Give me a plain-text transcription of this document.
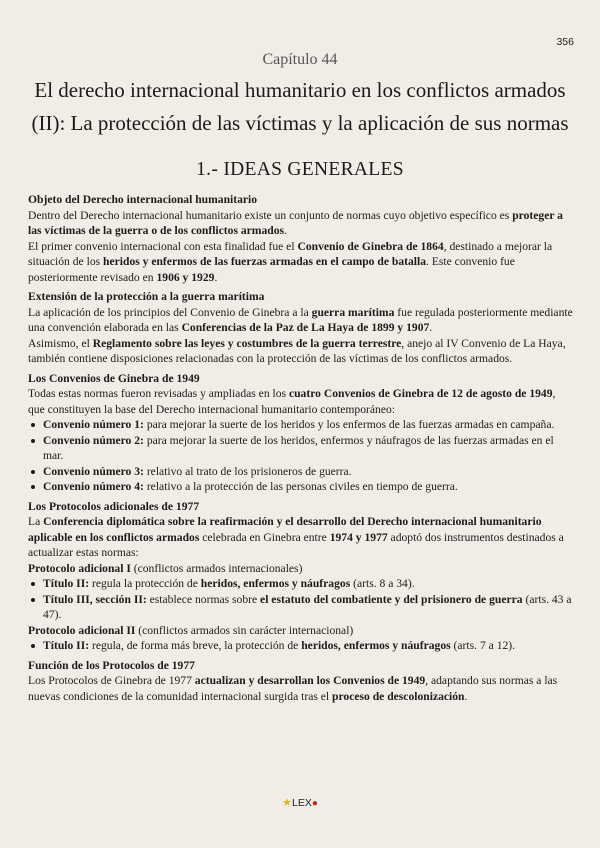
356
Capítulo 44
El derecho internacional humanitario en los conflictos armados
(II): La protección de las víctimas y la aplicación de sus normas
1.- IDEAS GENERALES

Objeto del Derecho internacional humanitario

Dentro del Derecho internacional humanitario existe un conjunto de normas cuyo objetivo específico es proteger a las víctimas de la guerra o de los conflictos armados.

El primer convenio internacional con esta finalidad fue el Convenio de Ginebra de 1864, destinado a mejorar la situación de los heridos y enfermos de las fuerzas armadas en el campo de batalla. Este convenio fue posteriormente revisado en 1906 y 1929.

Extensión de la protección a la guerra marítima

La aplicación de los principios del Convenio de Ginebra a la guerra marítima fue regulada posteriormente mediante una convención elaborada en las Conferencias de la Paz de La Haya de 1899 y 1907.

Asimismo, el Reglamento sobre las leyes y costumbres de la guerra terrestre, anejo al IV Convenio de La Haya, también contiene disposiciones relacionadas con la protección de las víctimas de los conflictos armados.

Los Convenios de Ginebra de 1949

Todas estas normas fueron revisadas y ampliadas en los cuatro Convenios de Ginebra de 12 de agosto de 1949, que constituyen la base del Derecho internacional humanitario contemporáneo:

Convenio número 1: para mejorar la suerte de los heridos y los enfermos de las fuerzas armadas en campaña.
Convenio número 2: para mejorar la suerte de los heridos, enfermos y náufragos de las fuerzas armadas en el mar.
Convenio número 3: relativo al trato de los prisioneros de guerra.
Convenio número 4: relativo a la protección de las personas civiles en tiempo de guerra.

Los Protocolos adicionales de 1977

La Conferencia diplomática sobre la reafirmación y el desarrollo del Derecho internacional humanitario aplicable en los conflictos armados celebrada en Ginebra entre 1974 y 1977 adoptó dos instrumentos destinados a actualizar estas normas:

Protocolo adicional I (conflictos armados internacionales)

Título II: regula la protección de heridos, enfermos y náufragos (arts. 8 a 34).
Título III, sección II: establece normas sobre el estatuto del combatiente y del prisionero de guerra (arts. 43 a 47).

Protocolo adicional II (conflictos armados sin carácter internacional)

Título II: regula, de forma más breve, la protección de heridos, enfermos y náufragos (arts. 7 a 12).

Función de los Protocolos de 1977

Los Protocolos de Ginebra de 1977 actualizan y desarrollan los Convenios de 1949, adaptando sus normas a las nuevas condiciones de la comunidad internacional surgida tras el proceso de descolonización.

★LEX●
